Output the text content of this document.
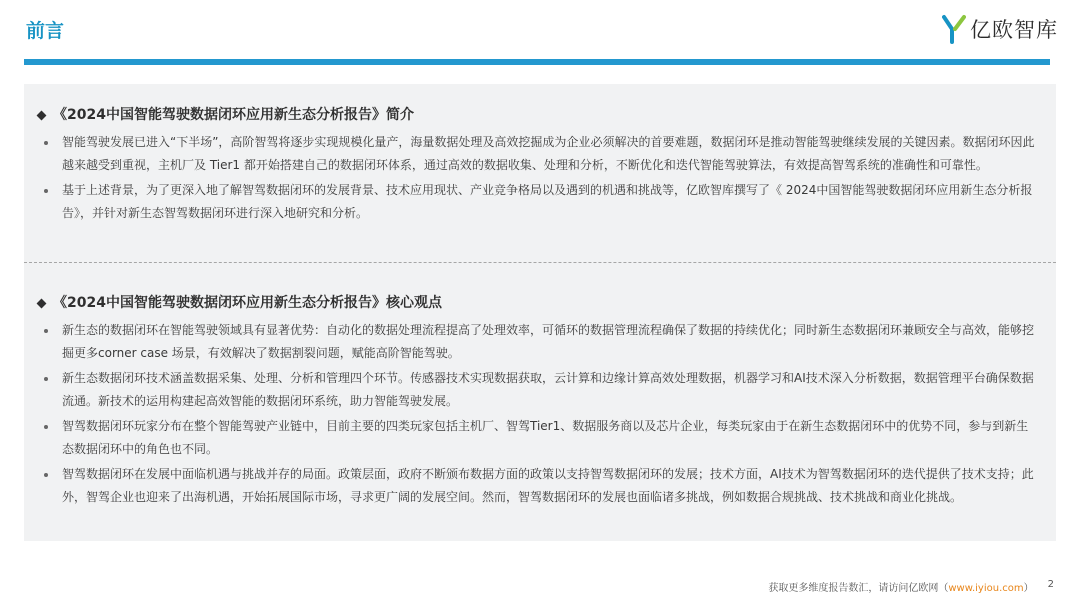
前言	亿欧智库
《2024中国智能驾驶数据闭环应用新生态分析报告》简介
智能驾驶发展已进入“下半场”，高阶智驾将逐步实现规模化量产，海量数据处理及高效挖掘成为企业必须解决的首要难题，数据闭环是推动智能驾驶继续发展的关键因素。数据闭环因此越来越受到重视，主机厂及 Tier1 都开始搭建自己的数据闭环体系，通过高效的数据收集、处理和分析，不断优化和迭代智能驾驶算法，有效提高智驾系统的准确性和可靠性。
基于上述背景，为了更深入地了解智驾数据闭环的发展背景、技术应用现状、产业竞争格局以及遇到的机遇和挑战等，亿欧智库撰写了《 2024中国智能驾驶数据闭环应用新生态分析报告》，并针对新生态智驾数据闭环进行深入地研究和分析。
《2024中国智能驾驶数据闭环应用新生态分析报告》核心观点
新生态的数据闭环在智能驾驶领域具有显著优势：自动化的数据处理流程提高了处理效率，可循环的数据管理流程确保了数据的持续优化；同时新生态数据闭环兼顾安全与高效，能够挖掘更多corner case 场景，有效解决了数据割裂问题，赋能高阶智能驾驶。
新生态数据闭环技术涵盖数据采集、处理、分析和管理四个环节。传感器技术实现数据获取，云计算和边缘计算高效处理数据，机器学习和AI技术深入分析数据，数据管理平台确保数据流通。新技术的运用构建起高效智能的数据闭环系统，助力智能驾驶发展。
智驾数据闭环玩家分布在整个智能驾驶产业链中，目前主要的四类玩家包括主机厂、智驾Tier1、数据服务商以及芯片企业，每类玩家由于在新生态数据闭环中的优势不同，参与到新生态数据闭环中的角色也不同。
智驾数据闭环在发展中面临机遇与挑战并存的局面。政策层面，政府不断颁布数据方面的政策以支持智驾数据闭环的发展；技术方面，AI技术为智驾数据闭环的迭代提供了技术支持；此外，智驾企业也迎来了出海机遇，开始拓展国际市场，寻求更广阔的发展空间。然而，智驾数据闭环的发展也面临诸多挑战，例如数据合规挑战、技术挑战和商业化挑战。
获取更多维度报告数汇，请访问亿欧网（www.iyiou.com） 2
